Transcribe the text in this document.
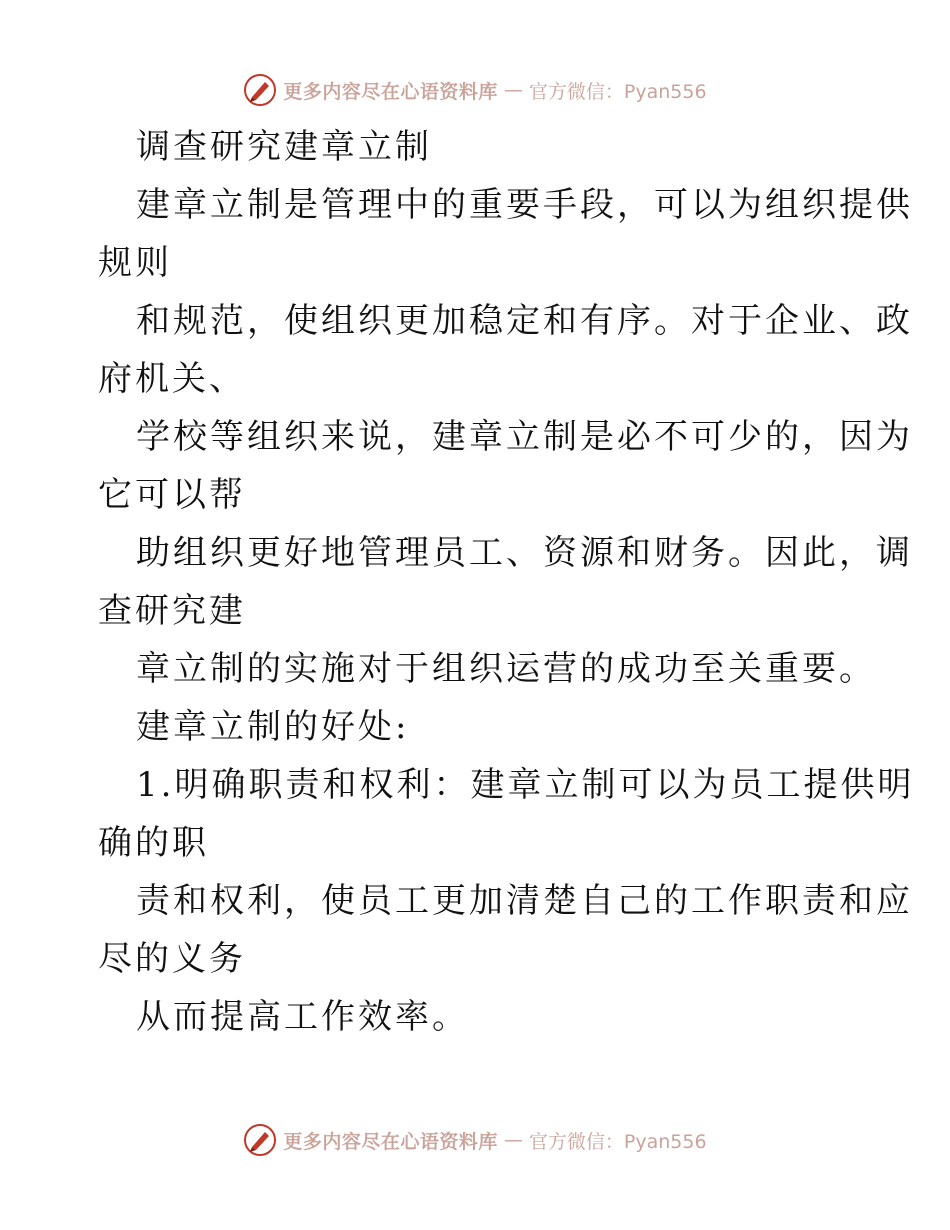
更多内容尽在心语资料库 — 官方微信：Pyan556
调查研究建章立制
建章立制是管理中的重要手段，可以为组织提供
规则
和规范，使组织更加稳定和有序。对于企业、政
府机关、
学校等组织来说，建章立制是必不可少的，因为
它可以帮
助组织更好地管理员工、资源和财务。因此，调
查研究建
章立制的实施对于组织运营的成功至关重要。
建章立制的好处:
1.明确职责和权利：建章立制可以为员工提供明
确的职
责和权利，使员工更加清楚自己的工作职责和应
尽的义务
从而提高工作效率。
更多内容尽在心语资料库 — 官方微信：Pyan556
